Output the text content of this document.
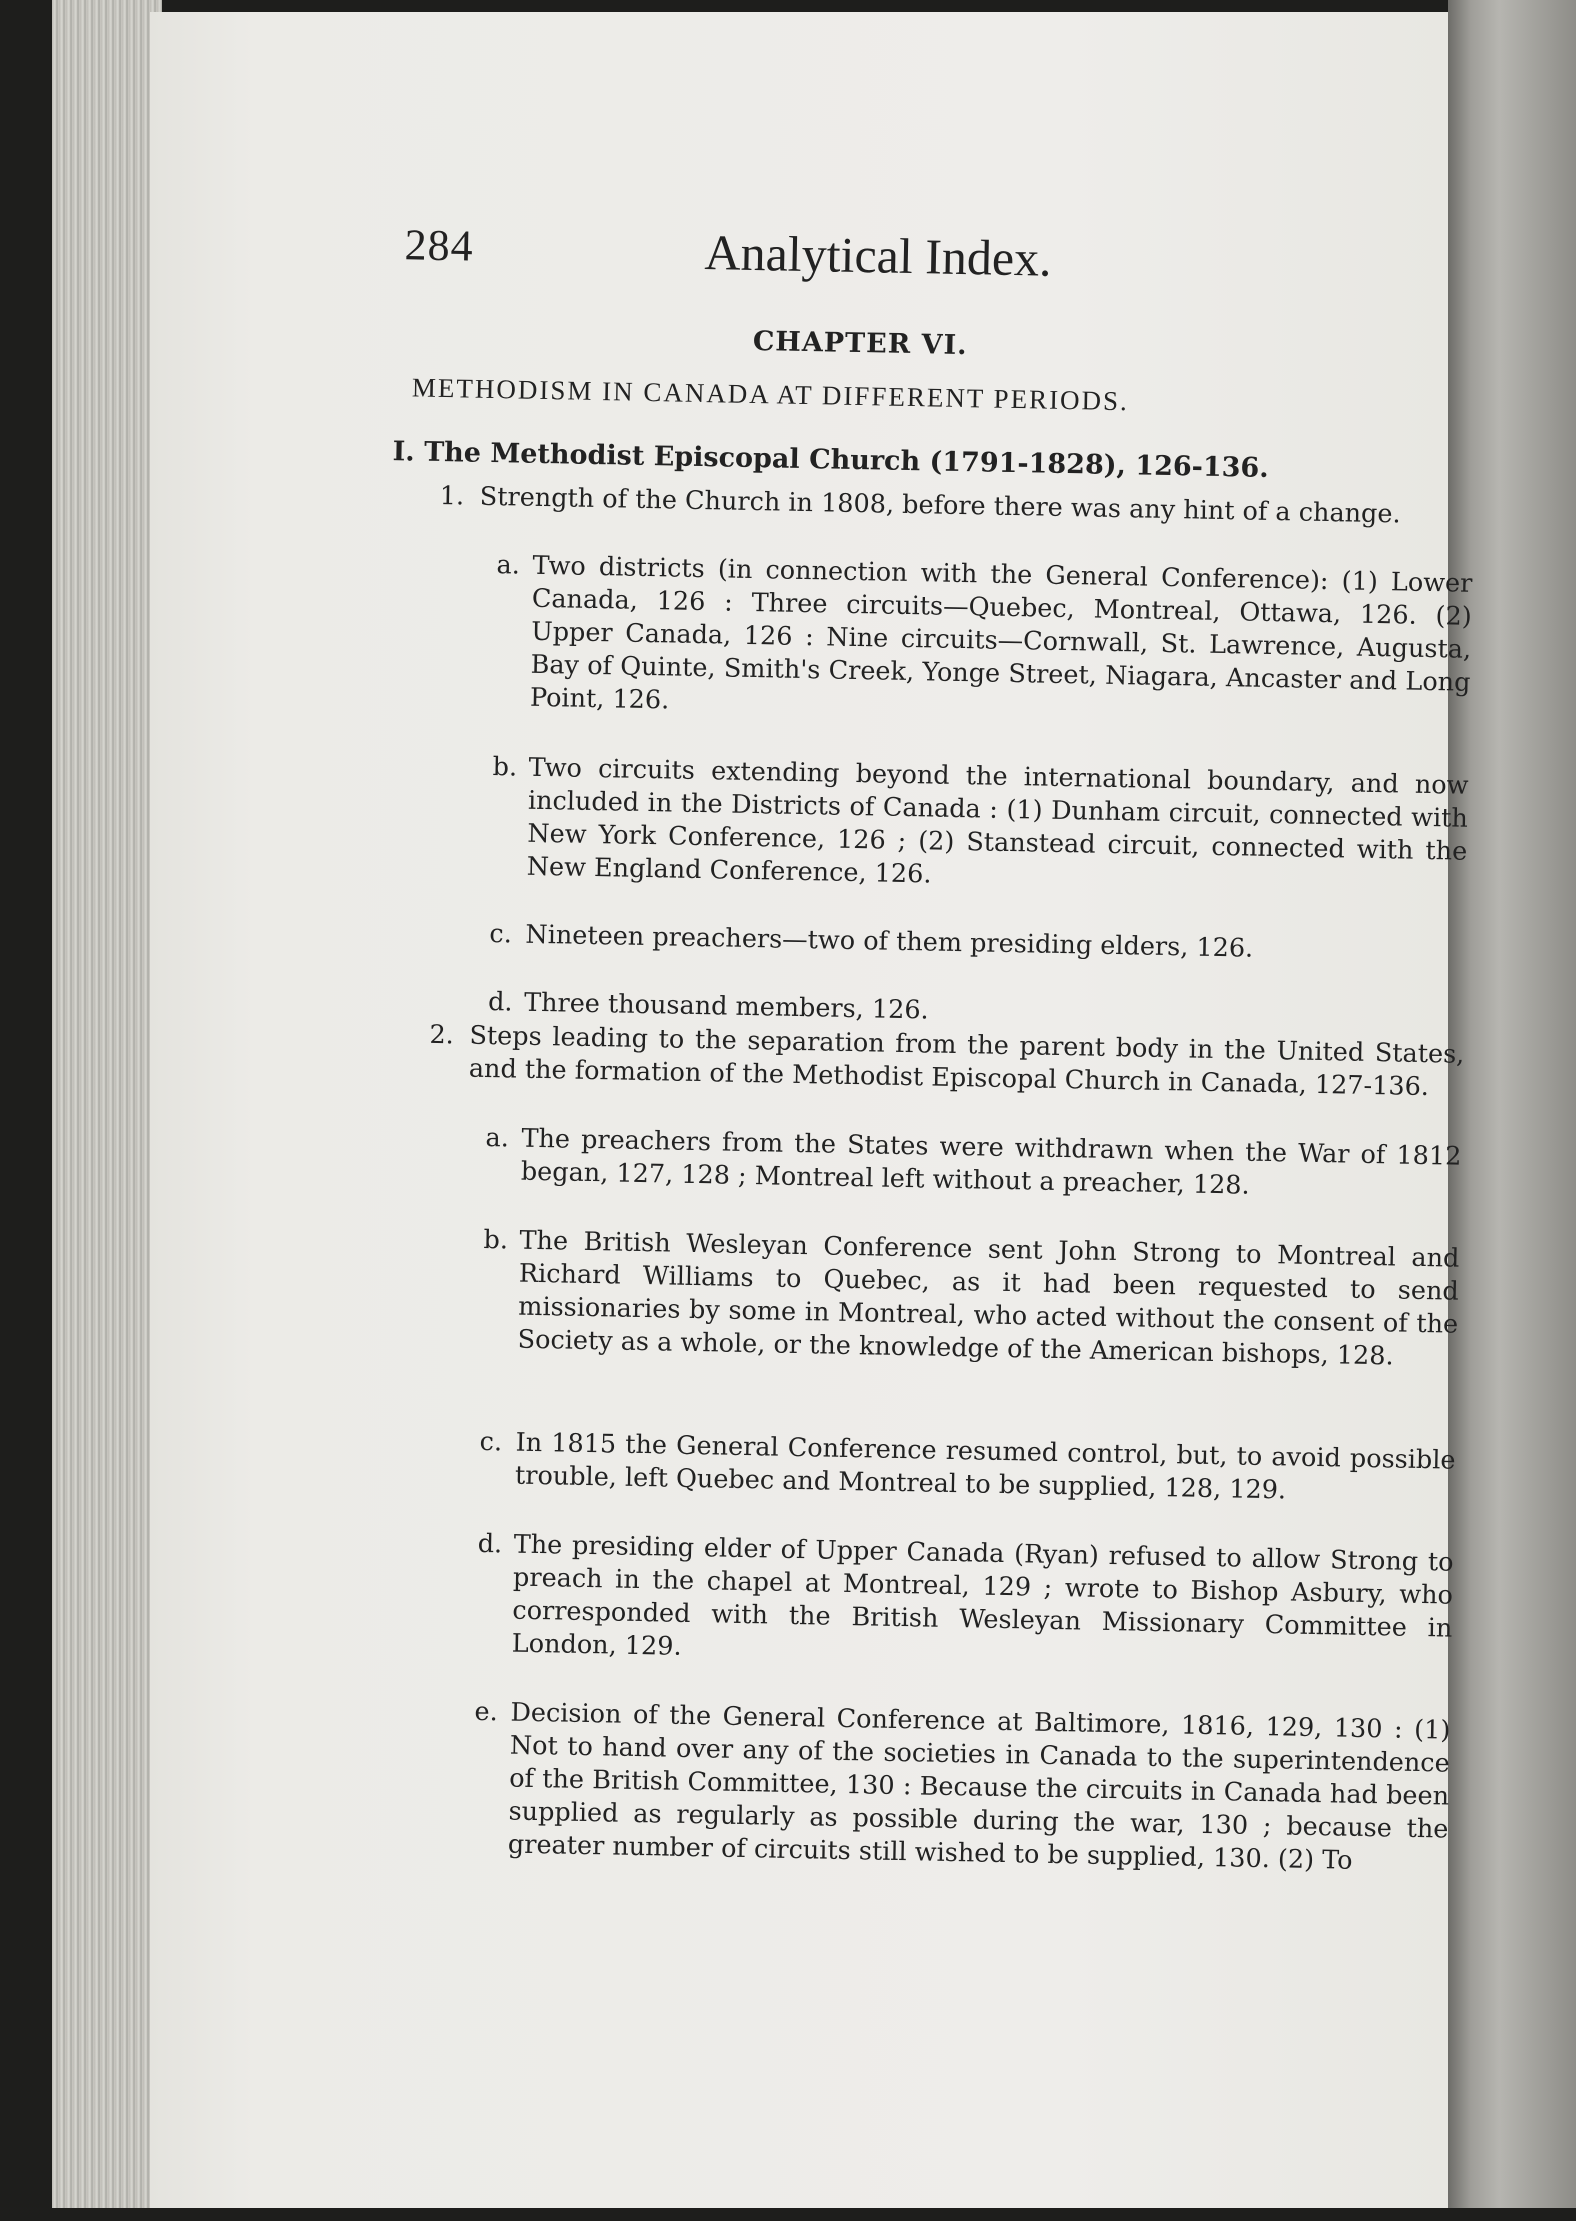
284	Analytical Index.
CHAPTER VI.
METHODISM IN CANADA AT DIFFERENT PERIODS.
I. The Methodist Episcopal Church (1791-1828), 126-136.
1. Strength of the Church in 1808, before there was any hint of a change.
a. Two districts (in connection with the General Conference): (1) Lower Canada, 126 : Three circuits—Quebec, Montreal, Ottawa, 126. (2) Upper Canada, 126 : Nine circuits—Cornwall, St. Lawrence, Augusta, Bay of Quinte, Smith's Creek, Yonge Street, Niagara, Ancaster and Long Point, 126.
b. Two circuits extending beyond the international boundary, and now included in the Districts of Canada : (1) Dunham circuit, connected with New York Conference, 126 ; (2) Stanstead circuit, connected with the New England Conference, 126.
c. Nineteen preachers—two of them presiding elders, 126.
d. Three thousand members, 126.
2. Steps leading to the separation from the parent body in the United States, and the formation of the Methodist Episcopal Church in Canada, 127-136.
a. The preachers from the States were withdrawn when the War of 1812 began, 127, 128 ; Montreal left without a preacher, 128.
b. The British Wesleyan Conference sent John Strong to Montreal and Richard Williams to Quebec, as it had been requested to send missionaries by some in Montreal, who acted without the consent of the Society as a whole, or the knowledge of the American bishops, 128.
c. In 1815 the General Conference resumed control, but, to avoid possible trouble, left Quebec and Montreal to be supplied, 128, 129.
d. The presiding elder of Upper Canada (Ryan) refused to allow Strong to preach in the chapel at Montreal, 129 ; wrote to Bishop Asbury, who corresponded with the British Wesleyan Missionary Committee in London, 129.
e. Decision of the General Conference at Baltimore, 1816, 129, 130 : (1) Not to hand over any of the societies in Canada to the superintendence of the British Committee, 130 : Because the circuits in Canada had been supplied as regularly as possible during the war, 130 ; because the greater number of circuits still wished to be supplied, 130. (2) To
